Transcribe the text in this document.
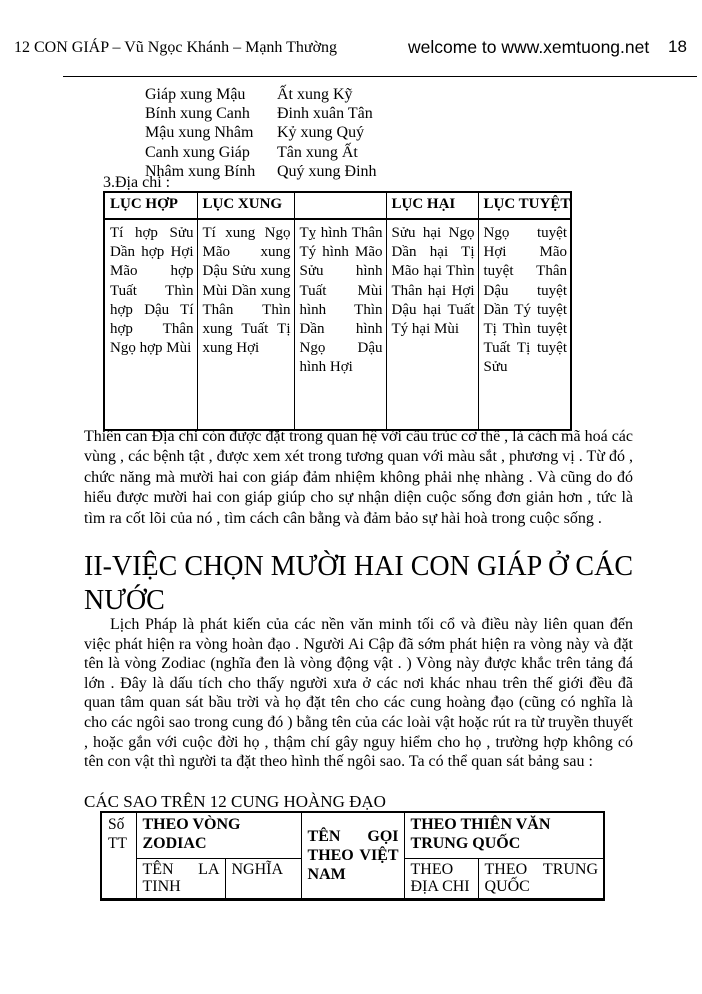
12 CON GIÁP – Vũ Ngọc Khánh – Mạnh Thường	welcome to www.xemtuong.net 18
Giáp xung Mậu Ất xung Kỹ
Bính xung Canh Đinh xuân Tân
Mậu xung Nhâm Kỷ xung Quý
Canh xung Giáp Tân xung Ất
Nhâm xung Bính Quý xung Đinh
3.Địa chi :
LỤC HỢP	LỤC XUNG		LỤC HẠI	LỤC TUYỆT
Tí hợp Sửu Dần hợp Hợi Mão hợp Tuất Thìn hợp Dậu Tí hợp Thân Ngọ hợp Mùi	Tí xung Ngọ Mão xung Dậu Sửu xung Mùi Dần xung Thân Thìn xung Tuất Tị xung Hợi	Tỵ hình Thân Tý hình Mão Sửu hình Tuất Mùi hình Thìn Dần hình Ngọ Dậu hình Hợi	Sửu hại Ngọ Dần hại Tị Mão hại Thìn Thân hại Hợi Dậu hại Tuất Tý hại Mùi	Ngọ tuyệt Hợi Mão tuyệt Thân Dậu tuyệt Dần Tý tuyệt Tị Thìn tuyệt Tuất Tị tuyệt Sửu
Thiên can Địa chi còn được đặt trong quan hệ với cấu trúc cơ thể , là cách mã hoá các vùng , các bệnh tật , được xem xét trong tương quan với màu sắt , phương vị . Từ đó , chức năng mà mười hai con giáp đảm nhiệm không phải nhẹ nhàng . Và cũng do đó hiểu được mười hai con giáp giúp cho sự nhận diện cuộc sống đơn giản hơn , tức là tìm ra cốt lõi của nó , tìm cách cân bằng và đảm bảo sự hài hoà trong cuộc sống .
II-VIỆC CHỌN MƯỜI HAI CON GIÁP Ở CÁC NƯỚC
Lịch Pháp là phát kiến của các nền văn minh tối cổ và điều này liên quan đến việc phát hiện ra vòng hoàn đạo . Người Ai Cập đã sớm phát hiện ra vòng này và đặt tên là vòng Zodiac (nghĩa đen là vòng động vật . ) Vòng này được khắc trên tảng đá lớn . Đây là dấu tích cho thấy người xưa ở các nơi khác nhau trên thế giới đều đã quan tâm quan sát bầu trời và họ đặt tên cho các cung hoàng đạo (cũng có nghĩa là cho các ngôi sao trong cung đó ) bằng tên của các loài vật hoặc rút ra từ truyền thuyết , hoặc gắn với cuộc đời họ , thậm chí gây nguy hiểm cho họ , trường hợp không có tên con vật thì người ta đặt theo hình thế ngôi sao. Ta có thể quan sát bảng sau :
CÁC SAO TRÊN 12 CUNG HOÀNG ĐẠO
Số TT	THEO VÒNG ZODIAC		TÊN GỌI THEO VIỆT NAM	THEO THIÊN VĂN TRUNG QUỐC	
	TÊN LA TINH	NGHĨA		THEO ĐỊA CHI	THEO TRUNG QUỐC
